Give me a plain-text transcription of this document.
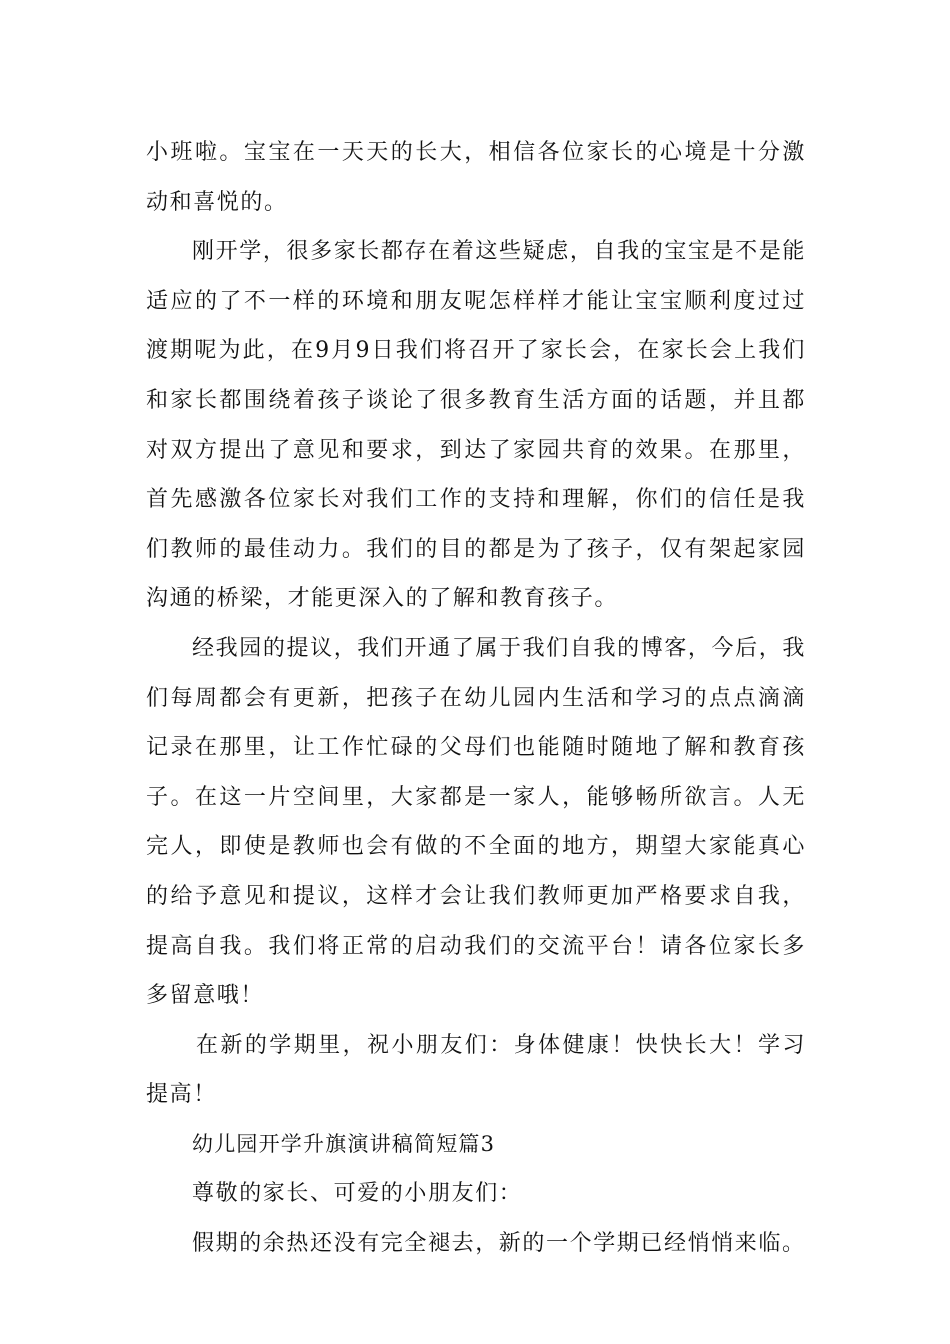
小班啦。宝宝在一天天的长大，相信各位家长的心境是十分激动和喜悦的。

刚开学，很多家长都存在着这些疑虑，自我的宝宝是不是能适应的了不一样的环境和朋友呢怎样样才能让宝宝顺利度过过渡期呢为此，在9月9日我们将召开了家长会，在家长会上我们和家长都围绕着孩子谈论了很多教育生活方面的话题，并且都对双方提出了意见和要求，到达了家园共育的效果。在那里，首先感激各位家长对我们工作的支持和理解，你们的信任是我们教师的最佳动力。我们的目的都是为了孩子，仅有架起家园沟通的桥梁，才能更深入的了解和教育孩子。

经我园的提议，我们开通了属于我们自我的博客，今后，我们每周都会有更新，把孩子在幼儿园内生活和学习的点点滴滴记录在那里，让工作忙碌的父母们也能随时随地了解和教育孩子。在这一片空间里，大家都是一家人，能够畅所欲言。人无完人，即使是教师也会有做的不全面的地方，期望大家能真心的给予意见和提议，这样才会让我们教师更加严格要求自我，提高自我。我们将正常的启动我们的交流平台！请各位家长多多留意哦！

在新的学期里，祝小朋友们：身体健康！快快长大！学习提高！

幼儿园开学升旗演讲稿简短篇3

尊敬的家长、可爱的小朋友们：

假期的余热还没有完全褪去，新的一个学期已经悄悄来临。
